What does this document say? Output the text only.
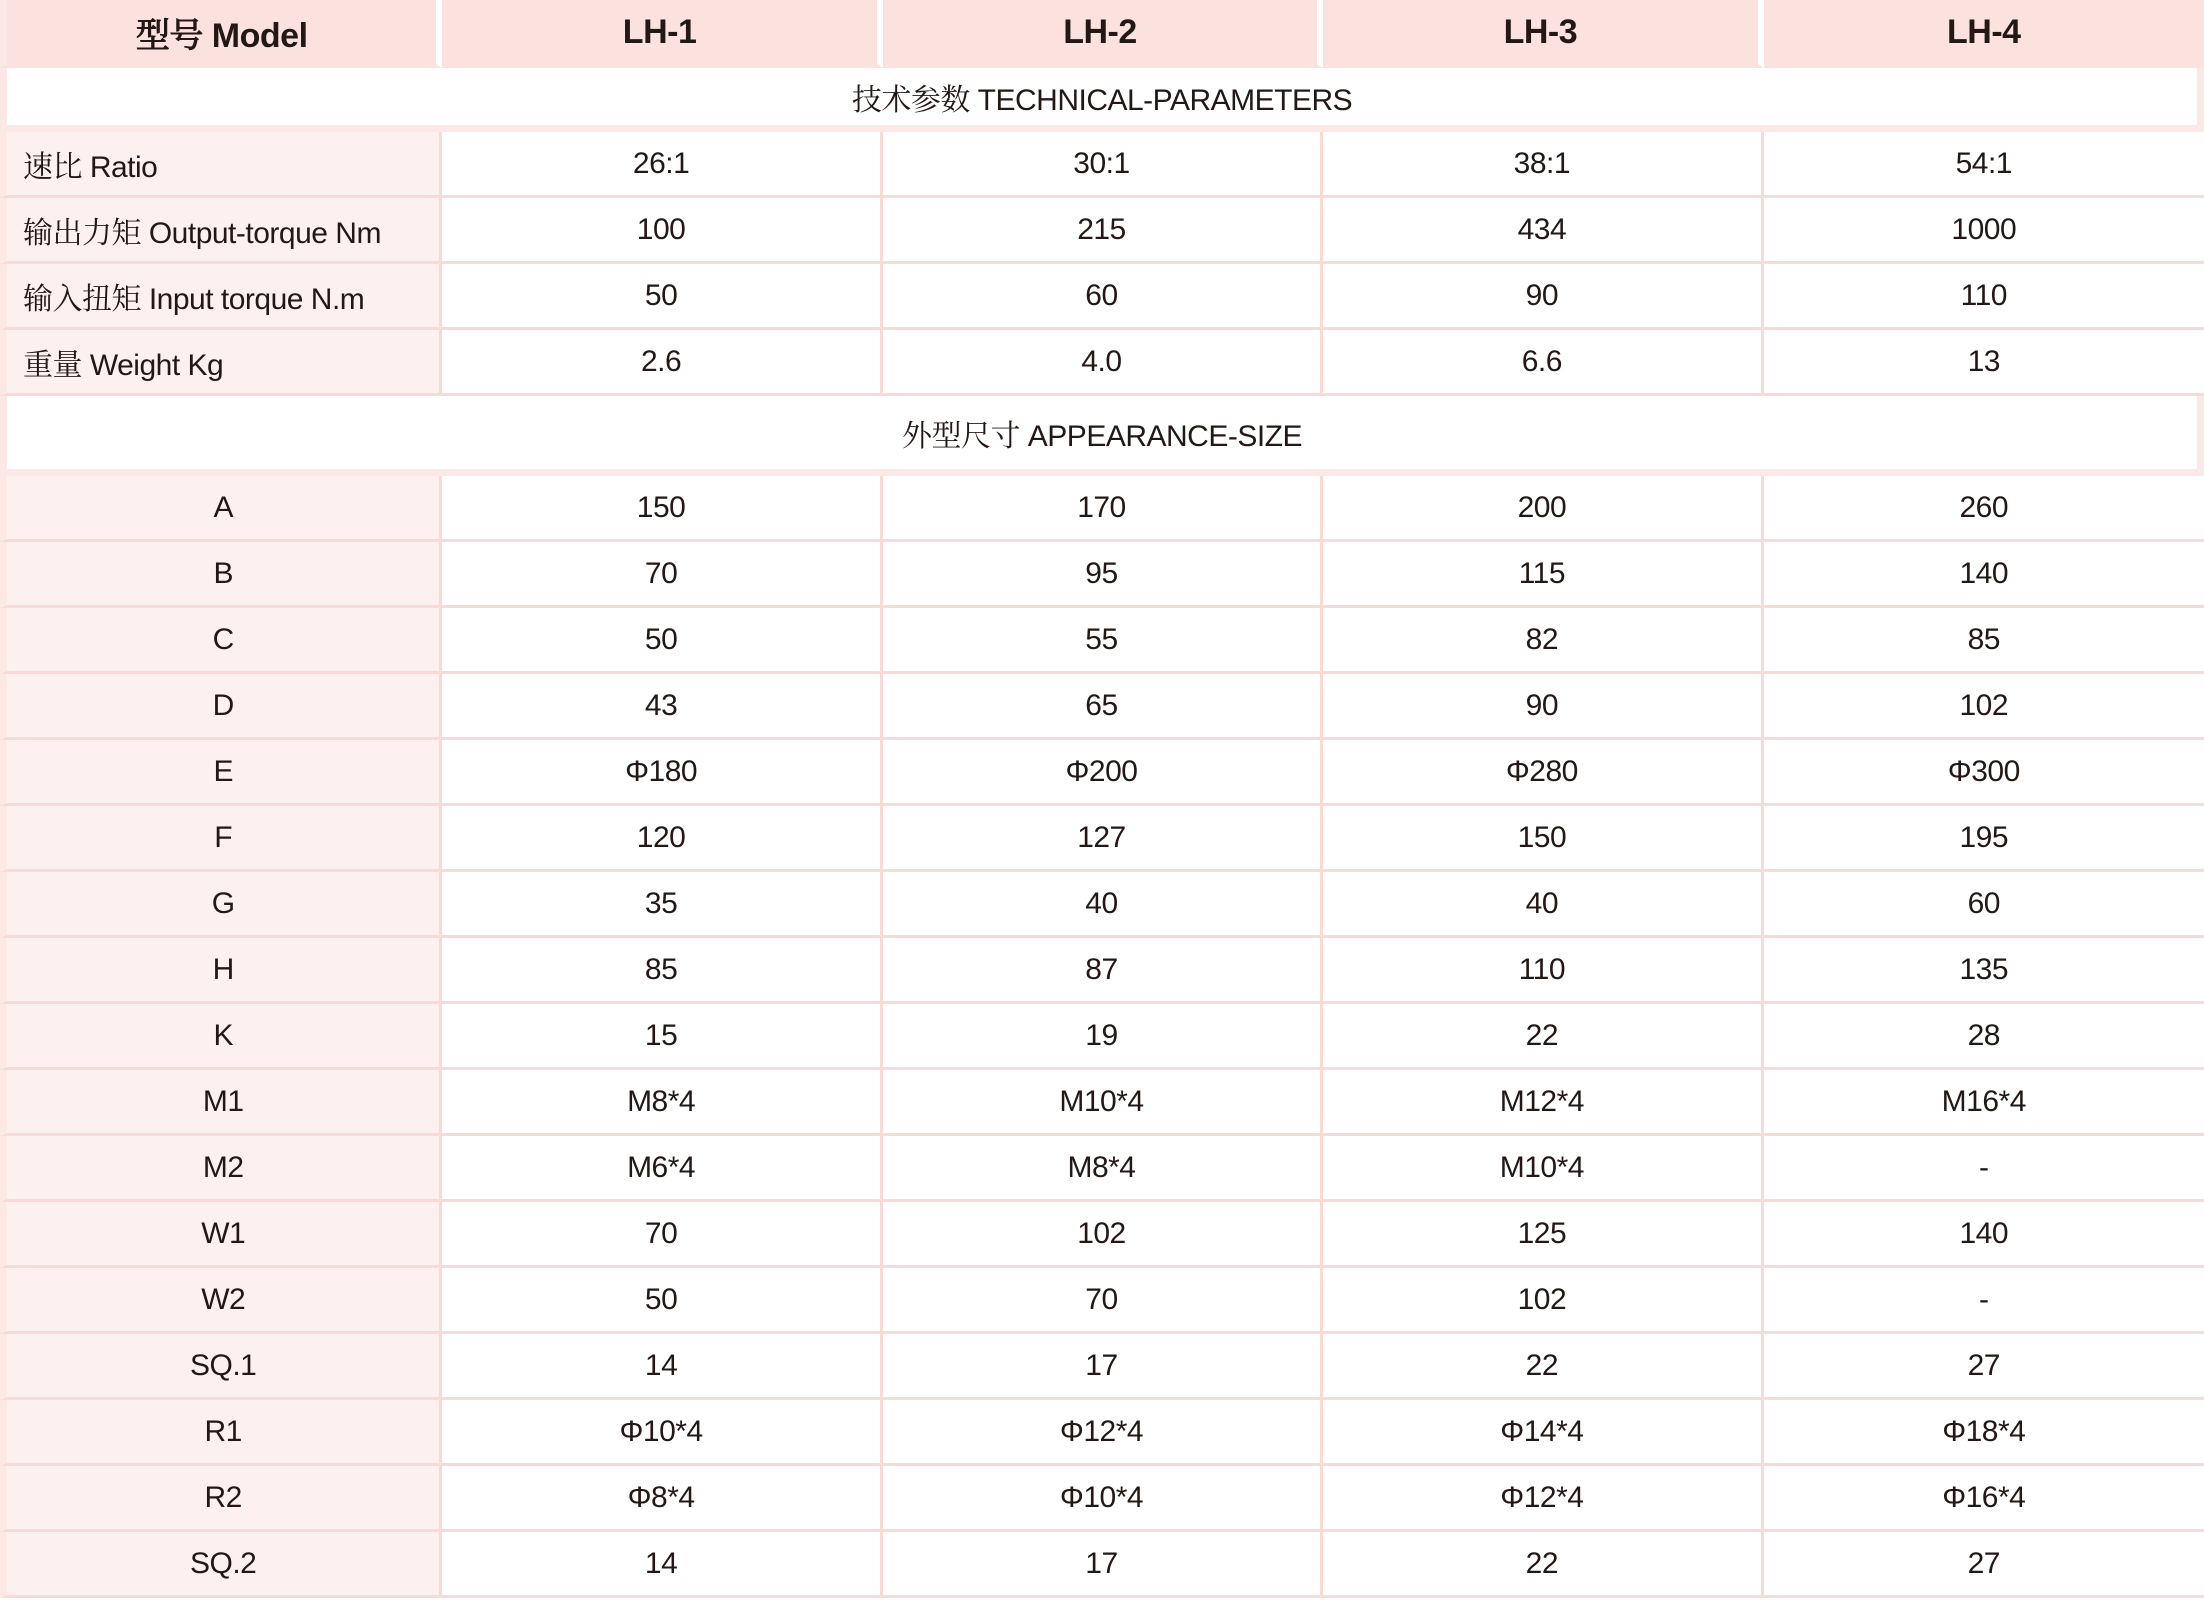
型号 Model	LH-1	LH-2	LH-3	LH-4
技术参数 TECHNICAL-PARAMETERS				
速比 Ratio	26:1	30:1	38:1	54:1
输出力矩 Output-torque Nm	100	215	434	1000
输入扭矩 Input torque N.m	50	60	90	110
重量 Weight Kg	2.6	4.0	6.6	13
外型尺寸 APPEARANCE-SIZE				
A	150	170	200	260
B	70	95	115	140
C	50	55	82	85
D	43	65	90	102
E	Φ180	Φ200	Φ280	Φ300
F	120	127	150	195
G	35	40	40	60
H	85	87	110	135
K	15	19	22	28
M1	M8*4	M10*4	M12*4	M16*4
M2	M6*4	M8*4	M10*4	-
W1	70	102	125	140
W2	50	70	102	-
SQ.1	14	17	22	27
R1	Φ10*4	Φ12*4	Φ14*4	Φ18*4
R2	Φ8*4	Φ10*4	Φ12*4	Φ16*4
SQ.2	14	17	22	27
